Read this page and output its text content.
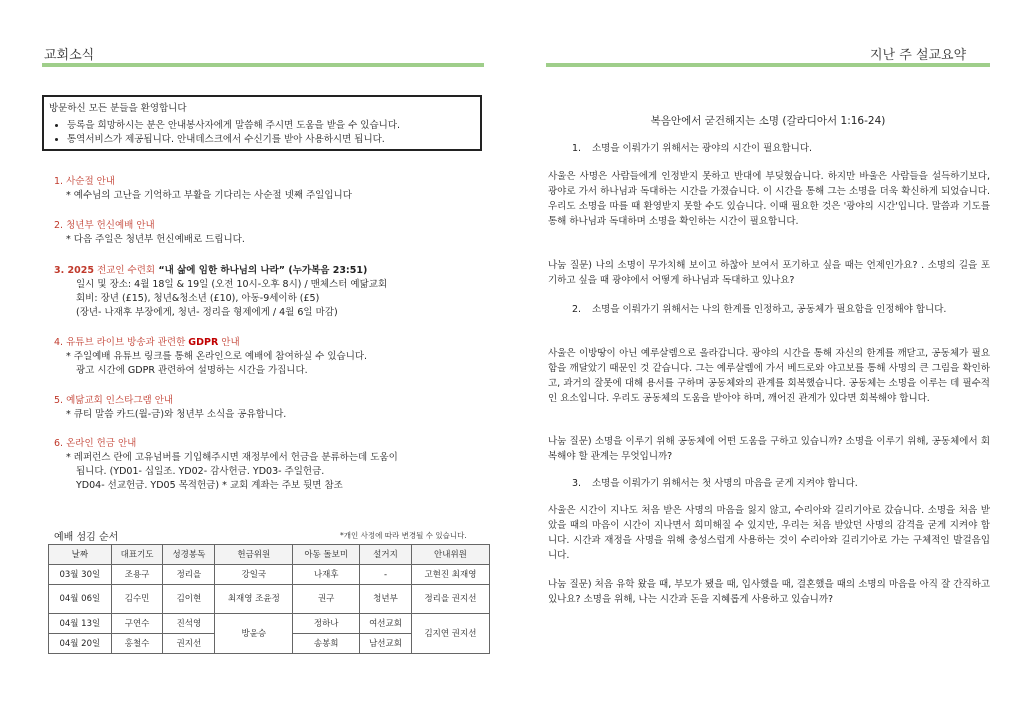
교회소식	지난 주 설교요약
방문하신 모든 분들을 환영합니다
• 등록을 희망하시는 분은 안내봉사자에게 말씀해 주시면 도움을 받을 수 있습니다.
• 통역서비스가 제공됩니다. 안내데스크에서 수신기를 받아 사용하시면 됩니다.
1. 사순절 안내
* 예수님의 고난을 기억하고 부활을 기다리는 사순절 넷째 주일입니다
2. 청년부 헌신예배 안내
* 다음 주일은 청년부 헌신예배로 드립니다.
3. 2025 전교인 수련회 “내 삶에 임한 하나님의 나라” (누가복음 23:51)
일시 및 장소: 4월 18일 & 19일 (오전 10시-오후 8시) / 맨체스터 예닮교회
회비: 장년 (£15), 청년&청소년 (£10), 아동-9세이하 (£5)
(장년- 나재후 부장에게, 청년- 정리을 형제에게 / 4월 6일 마감)
4. 유튜브 라이브 방송과 관련한 GDPR 안내
* 주일예배 유튜브 링크를 통해 온라인으로 예배에 참여하실 수 있습니다.
광고 시간에 GDPR 관련하여 설명하는 시간을 가집니다.
5. 예닮교회 인스타그램 안내
* 큐티 말씀 카드(월-금)와 청년부 소식을 공유합니다.
6. 온라인 헌금 안내
* 레퍼런스 란에 고유넘버를 기입해주시면 재정부에서 헌금을 분류하는데 도움이
됩니다. (YD01- 십일조. YD02- 감사헌금. YD03- 주일헌금.
YD04- 선교헌금. YD05 목적헌금) * 교회 계좌는 주보 뒷면 참조
예배 섬김 순서	*개인 사정에 따라 변경될 수 있습니다.
날짜	대표기도	성경봉독	헌금위원	아동 돌보미	설거지	안내위원
03월 30일	조용구	정리을	강일국	나재후	-	고현진 최재영
04월 06일	김수민	김이현	최재영 조윤정	권구	청년부	정리을 권지선
04월 13일	구연수	진석영	방윤승	정하나	여선교회	김지연 권지선
04월 20일	홍철수	권지선		송봉희	남선교회	
복음안에서 굳건해지는 소명 (갈라디아서 1:16-24)
1. 소명을 이뤄가기 위해서는 광야의 시간이 필요합니다.
사울은 사명은 사람들에게 인정받지 못하고 반대에 부딪혔습니다. 하지만 바울은 사람들을 설득하기보다, 광야로 가서 하나님과 독대하는 시간을 가졌습니다. 이 시간을 통해 그는 소명을 더욱 확신하게 되었습니다. 우리도 소명을 따를 때 환영받지 못할 수도 있습니다. 이때 필요한 것은 '광야의 시간'입니다. 말씀과 기도를 통해 하나님과 독대하며 소명을 확인하는 시간이 필요합니다.
나눔 질문) 나의 소명이 무가치해 보이고 하찮아 보여서 포기하고 싶을 때는 언제인가요? . 소명의 길을 포기하고 싶을 때 광야에서 어떻게 하나님과 독대하고 있나요?
2.	소명을 이뤄가기 위해서는 나의 한계를 인정하고, 공동체가 필요함을 인정해야 합니다.
사울은 이방땅이 아닌 예루살렘으로 올라갑니다. 광야의 시간을 통해 자신의 한계를 깨닫고, 공동체가 필요함을 깨달았기 때문인 것 같습니다. 그는 예루살렘에 가서 베드로와 야고보를 통해 사명의 큰 그림을 확인하고, 과거의 잘못에 대해 용서를 구하며 공동체와의 관계를 회복했습니다. 공동체는 소명을 이루는 데 필수적인 요소입니다. 우리도 공동체의 도움을 받아야 하며, 깨어진 관계가 있다면 회복해야 합니다.
나눔 질문) 소명을 이루기 위해 공동체에 어떤 도움을 구하고 있습니까? 소명을 이루기 위해, 공동체에서 회복해야 할 관계는 무엇입니까?
3. 소명을 이뤄가기 위해서는 첫 사명의 마음을 굳게 지켜야 합니다.
사울은 시간이 지나도 처음 받은 사명의 마음을 잃지 않고, 수리아와 길리기아로 갔습니다. 소명을 처음 받았을 때의 마음이 시간이 지나면서 희미해질 수 있지만, 우리는 처음 받았던 사명의 감격을 굳게 지켜야 합니다. 시간과 재정을 사명을 위해 충성스럽게 사용하는 것이 수리아와 길리기아로 가는 구체적인 발걸음입니다.
나눔 질문) 처음 유학 왔을 때, 부모가 됐을 때, 입사했을 때, 결혼했을 때의 소명의 마음을 아직 잘 간직하고 있나요? 소명을 위해, 나는 시간과 돈을 지혜롭게 사용하고 있습니까?
